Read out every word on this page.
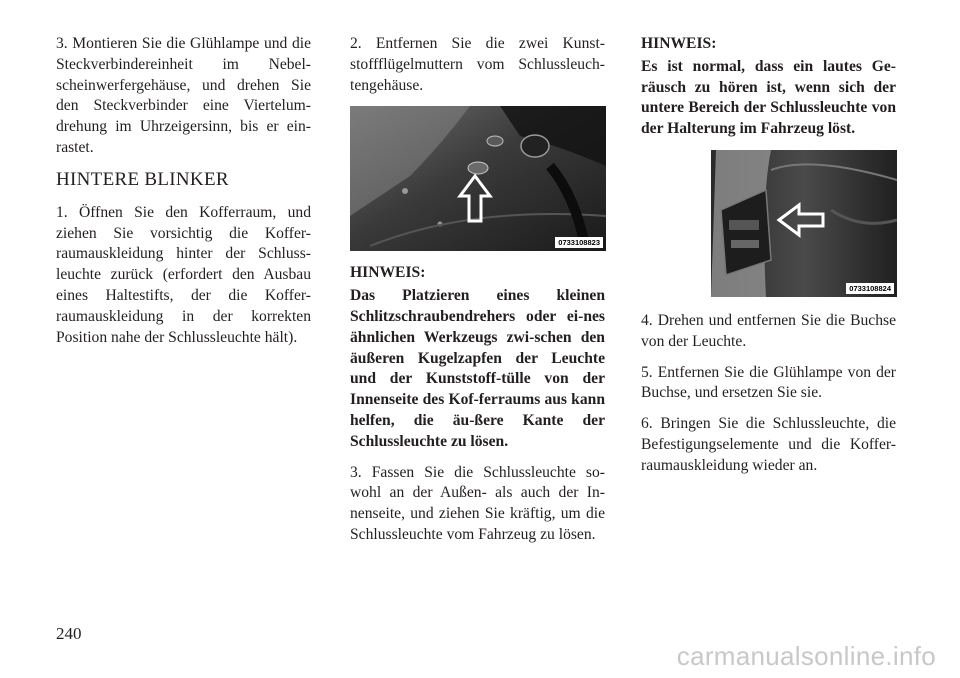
3. Montieren Sie die Glühlampe und die Steckverbindereinheit im Nebel-scheinwerfergehäuse, und drehen Sie den Steckverbinder eine Viertelum-drehung im Uhrzeigersinn, bis er ein-rastet.

HINTERE BLINKER

1. Öffnen Sie den Kofferraum, und ziehen Sie vorsichtig die Koffer-raumauskleidung hinter der Schluss-leuchte zurück (erfordert den Ausbau eines Haltestifts, der die Koffer-raumauskleidung in der korrekten Position nahe der Schlussleuchte hält).

2. Entfernen Sie die zwei Kunst-stoffflügelmuttern vom Schlussleuch-tengehäuse.

0733108823
HINWEIS:

Das Platzieren eines kleinen Schlitzschraubendrehers oder ei-nes ähnlichen Werkzeugs zwi-schen den äußeren Kugelzapfen der Leuchte und der Kunststoff-tülle von der Innenseite des Kof-ferraums aus kann helfen, die äu-ßere Kante der Schlussleuchte zu lösen.

3. Fassen Sie die Schlussleuchte so-wohl an der Außen- als auch der In-nenseite, und ziehen Sie kräftig, um die Schlussleuchte vom Fahrzeug zu lösen.

HINWEIS:

Es ist normal, dass ein lautes Ge-räusch zu hören ist, wenn sich der untere Bereich der Schlussleuchte von der Halterung im Fahrzeug löst.

0733108824

4. Drehen und entfernen Sie die Buchse von der Leuchte.

5. Entfernen Sie die Glühlampe von der Buchse, und ersetzen Sie sie.

6. Bringen Sie die Schlussleuchte, die Befestigungselemente und die Koffer-raumauskleidung wieder an.

240

carmanualsonline.info
